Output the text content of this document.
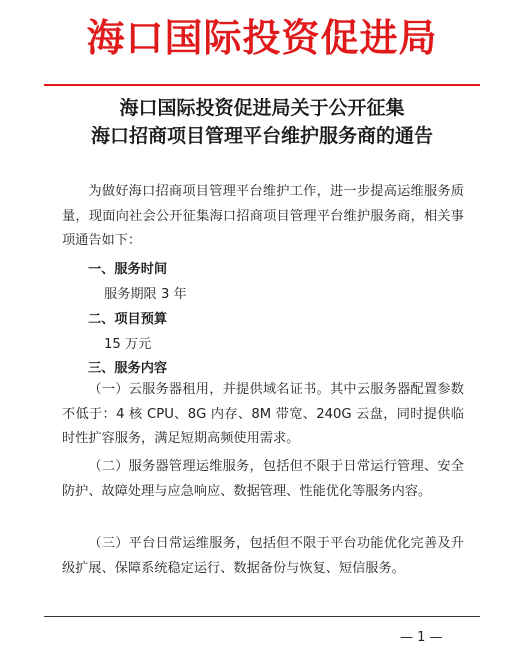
海口国际投资促进局
海口国际投资促进局关于公开征集
海口招商项目管理平台维护服务商的通告
为做好海口招商项目管理平台维护工作，进一步提高运维服务质量，现面向社会公开征集海口招商项目管理平台维护服务商，相关事项通告如下：
一、服务时间
服务期限 3 年
二、项目预算
15 万元
三、服务内容
（一）云服务器租用，并提供域名证书。其中云服务器配置参数不低于：4 核 CPU、8G 内存、8M 带宽、240G 云盘，同时提供临时性扩容服务，满足短期高频使用需求。
（二）服务器管理运维服务，包括但不限于日常运行管理、安全防护、故障处理与应急响应、数据管理、性能优化等服务内容。
（三）平台日常运维服务，包括但不限于平台功能优化完善及升级扩展、保障系统稳定运行、数据备份与恢复、短信服务。
— 1 —
